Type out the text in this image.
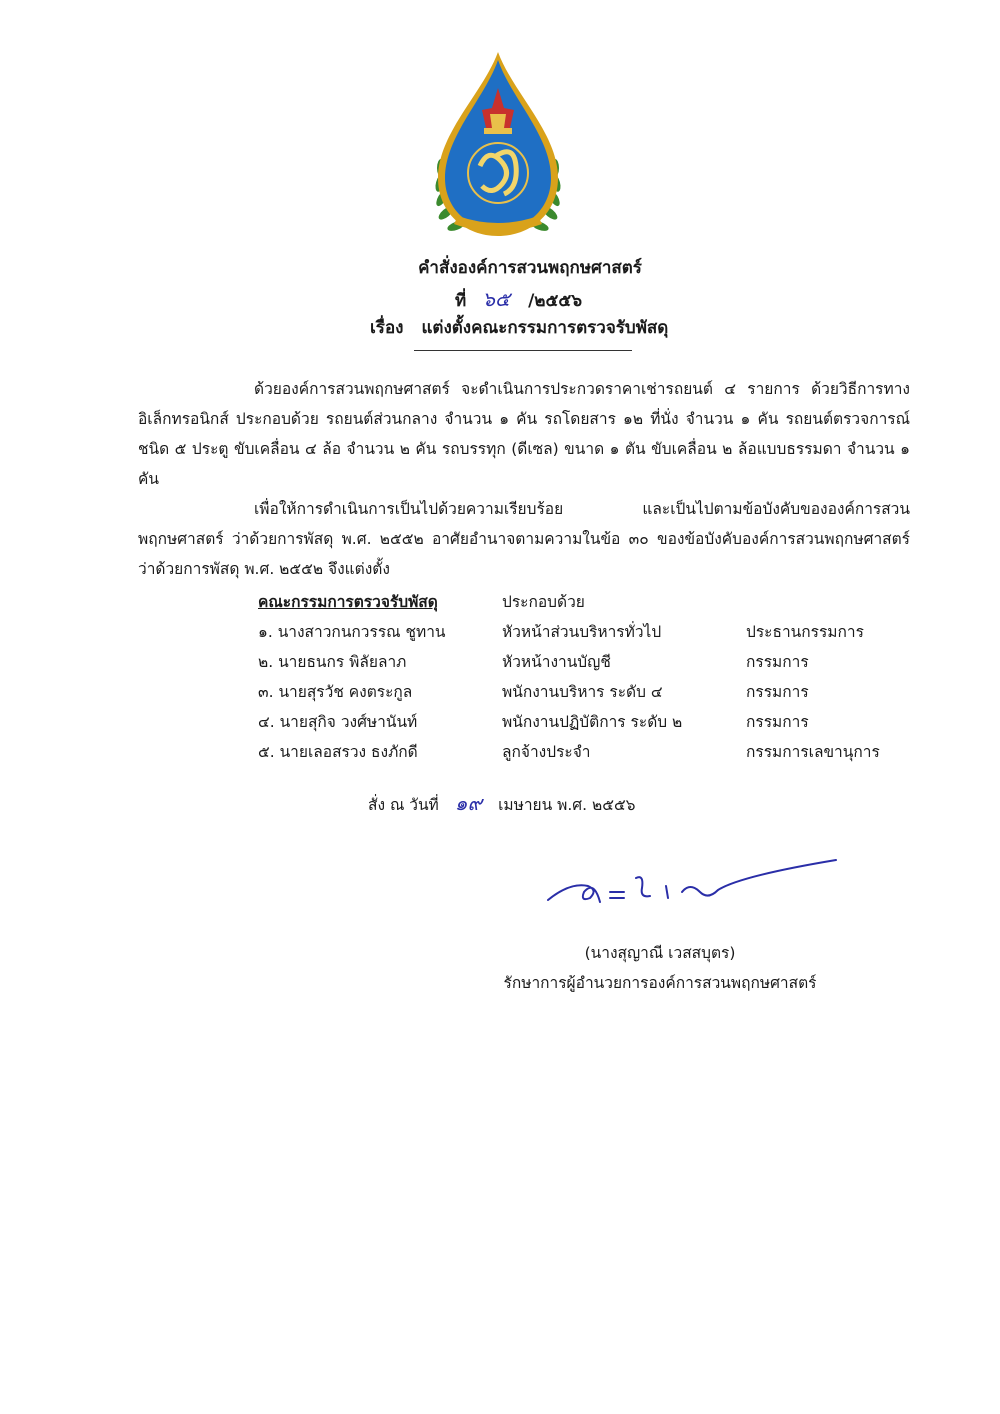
คำสั่งองค์การสวนพฤกษศาสตร์
ที่ ๖๕ /๒๕๕๖
เรื่อง แต่งตั้งคณะกรรมการตรวจรับพัสดุ
ด้วยองค์การสวนพฤกษศาสตร์ จะดำเนินการประกวดราคาเช่ารถยนต์ ๔ รายการ ด้วยวิธีการทางอิเล็กทรอนิกส์ ประกอบด้วย รถยนต์ส่วนกลาง จำนวน ๑ คัน รถโดยสาร ๑๒ ที่นั่ง จำนวน ๑ คัน รถยนต์ตรวจการณ์ ชนิด ๕ ประตู ขับเคลื่อน ๔ ล้อ จำนวน ๒ คัน รถบรรทุก (ดีเซล) ขนาด ๑ ตัน ขับเคลื่อน ๒ ล้อแบบธรรมดา จำนวน ๑ คัน
เพื่อให้การดำเนินการเป็นไปด้วยความเรียบร้อย และเป็นไปตามข้อบังคับขององค์การสวนพฤกษศาสตร์ ว่าด้วยการพัสดุ พ.ศ. ๒๕๕๒ อาศัยอำนาจตามความในข้อ ๓๐ ของข้อบังคับองค์การสวนพฤกษศาสตร์ ว่าด้วยการพัสดุ พ.ศ. ๒๕๕๒ จึงแต่งตั้ง
คณะกรรมการตรวจรับพัสดุ	ประกอบด้วย
๑. นางสาวกนกวรรณ ชูทาน	หัวหน้าส่วนบริหารทั่วไป	ประธานกรรมการ
๒. นายธนกร พิลัยลาภ	หัวหน้างานบัญชี	กรรมการ
๓. นายสุรวัช คงตระกูล	พนักงานบริหาร ระดับ ๔	กรรมการ
๔. นายสุกิจ วงศ์ษานันท์	พนักงานปฏิบัติการ ระดับ ๒	กรรมการ
๕. นายเลอสรวง ธงภักดี	ลูกจ้างประจำ	กรรมการเลขานุการ
สั่ง ณ วันที่ ๑๙ เมษายน พ.ศ. ๒๕๕๖
(นางสุญาณี เวสสบุตร)
รักษาการผู้อำนวยการองค์การสวนพฤกษศาสตร์
